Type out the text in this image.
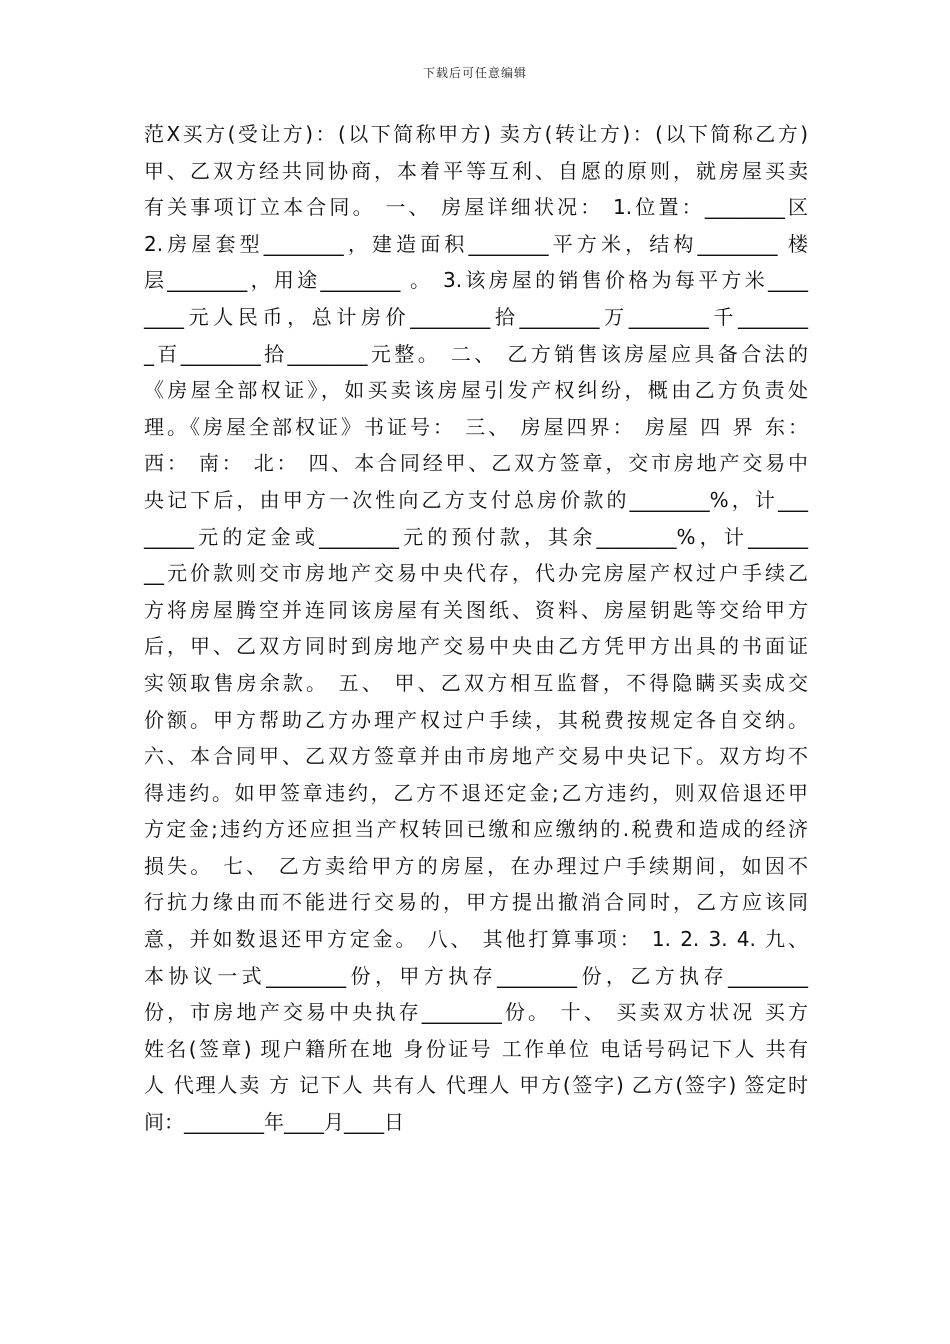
下载后可任意编辑
范X买方(受让方)：(以下简称甲方) 卖方(转让方)：(以下简称乙方)
甲、乙双方经共同协商，本着平等互利、自愿的原则，就房屋买卖
有关事项订立本合同。 一、 房屋详细状况： 1.位置：________区
2.房屋套型________，建造面积________平方米，结构________ 楼
层________，用途________ 。 3.该房屋的销售价格为每平方米____
____元人民币，总计房价________拾________万________千_______
_百________拾________元整。 二、 乙方销售该房屋应具备合法的
《房屋全部权证》，如买卖该房屋引发产权纠纷，概由乙方负责处
理。《房屋全部权证》书证号： 三、 房屋四界： 房屋 四 界 东：
西： 南： 北： 四、本合同经甲、乙双方签章，交市房地产交易中
央记下后，由甲方一次性向乙方支付总房价款的________%，计___
_____元的定金或________元的预付款，其余________%，计______
__元价款则交市房地产交易中央代存，代办完房屋产权过户手续乙
方将房屋腾空并连同该房屋有关图纸、资料、房屋钥匙等交给甲方
后，甲、乙双方同时到房地产交易中央由乙方凭甲方出具的书面证
实领取售房余款。 五、 甲、乙双方相互监督，不得隐瞒买卖成交
价额。甲方帮助乙方办理产权过户手续，其税费按规定各自交纳。
六、本合同甲、乙双方签章并由市房地产交易中央记下。双方均不
得违约。如甲签章违约，乙方不退还定金;乙方违约，则双倍退还甲
方定金;违约方还应担当产权转回已缴和应缴纳的.税费和造成的经济
损失。 七、 乙方卖给甲方的房屋，在办理过户手续期间，如因不
行抗力缘由而不能进行交易的，甲方提出撤消合同时，乙方应该同
意，并如数退还甲方定金。 八、 其他打算事项： 1. 2. 3. 4. 九、
本协议一式________份，甲方执存________份，乙方执存________
份，市房地产交易中央执存________份。 十、 买卖双方状况 买方
姓名(签章) 现户籍所在地 身份证号 工作单位 电话号码记下人 共有
人 代理人卖 方 记下人 共有人 代理人 甲方(签字) 乙方(签字) 签定时
间：________年____月____日
